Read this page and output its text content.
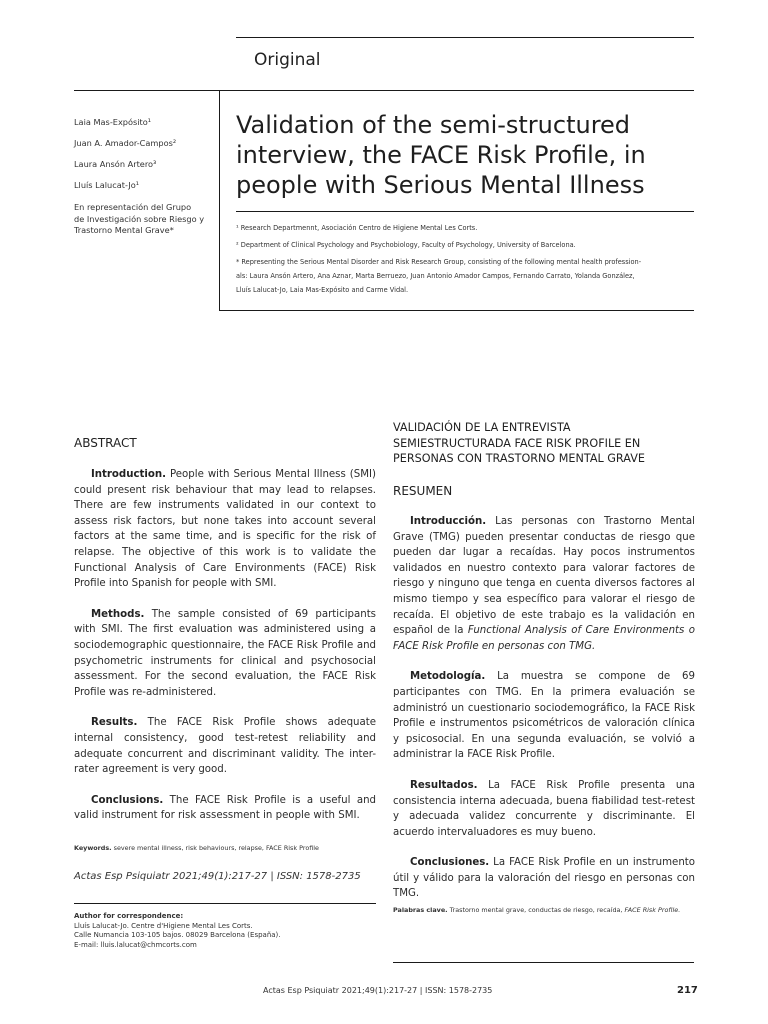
Original
Laia Mas-Expósito¹
Juan A. Amador-Campos²
Laura Ansón Artero³
Lluís Lalucat-Jo¹
En representación del Grupo
de Investigación sobre Riesgo y
Trastorno Mental Grave*
Validation of the semi-structured
interview, the FACE Risk Profile, in
people with Serious Mental Illness

¹ Research Departmennt, Asociación Centro de Higiene Mental Les Corts.

² Department of Clinical Psychology and Psychobiology, Faculty of Psychology, University of Barcelona.

* Representing the Serious Mental Disorder and Risk Research Group, consisting of the following mental health profession-
als: Laura Ansón Artero, Ana Aznar, Marta Berruezo, Juan Antonio Amador Campos, Fernando Carrato, Yolanda González,
Lluís Lalucat-Jo, Laia Mas-Expósito and Carme Vidal.
ABSTRACT

Introduction. People with Serious Mental Illness (SMI) could present risk behaviour that may lead to relapses. There are few instruments validated in our context to assess risk factors, but none takes into account several factors at the same time, and is specific for the risk of relapse. The objective of this work is to validate the Functional Analysis of Care Environments (FACE) Risk Profile into Spanish for people with SMI.

Methods. The sample consisted of 69 participants with SMI. The first evaluation was administered using a sociodemographic questionnaire, the FACE Risk Profile and psychometric instruments for clinical and psychosocial assessment. For the second evaluation, the FACE Risk Profile was re-administered.

Results. The FACE Risk Profile shows adequate internal consistency, good test-retest reliability and adequate concurrent and discriminant validity. The inter-rater agreement is very good.

Conclusions. The FACE Risk Profile is a useful and valid instrument for risk assessment in people with SMI.

Keywords. severe mental illness, risk behaviours, relapse, FACE Risk Profile
Actas Esp Psiquiatr 2021;49(1):217-27 | ISSN: 1578-2735
Author for correspondence:
Lluís Lalucat-Jo. Centre d'Higiene Mental Les Corts.
Calle Numancia 103-105 bajos. 08029 Barcelona (España).
E-mail: lluis.lalucat@chmcorts.com
VALIDACIÓN DE LA ENTREVISTA
SEMIESTRUCTURADA FACE RISK PROFILE EN
PERSONAS CON TRASTORNO MENTAL GRAVE
RESUMEN

Introducción. Las personas con Trastorno Mental Grave (TMG) pueden presentar conductas de riesgo que pueden dar lugar a recaídas. Hay pocos instrumentos validados en nuestro contexto para valorar factores de riesgo y ninguno que tenga en cuenta diversos factores al mismo tiempo y sea específico para valorar el riesgo de recaída. El objetivo de este trabajo es la validación en español de la Functional Analysis of Care Environments o FACE Risk Profile en personas con TMG.

Metodología. La muestra se compone de 69 participantes con TMG. En la primera evaluación se administró un cuestionario sociodemográfico, la FACE Risk Profile e instrumentos psicométricos de valoración clínica y psicosocial. En una segunda evaluación, se volvió a administrar la FACE Risk Profile.

Resultados. La FACE Risk Profile presenta una consistencia interna adecuada, buena fiabilidad test-retest y adecuada validez concurrente y discriminante. El acuerdo intervaluadores es muy bueno.

Conclusiones. La FACE Risk Profile en un instrumento útil y válido para la valoración del riesgo en personas con TMG.

Palabras clave. Trastorno mental grave, conductas de riesgo, recaída, FACE Risk Profile.
Actas Esp Psiquiatr 2021;49(1):217-27 | ISSN: 1578-2735	217
